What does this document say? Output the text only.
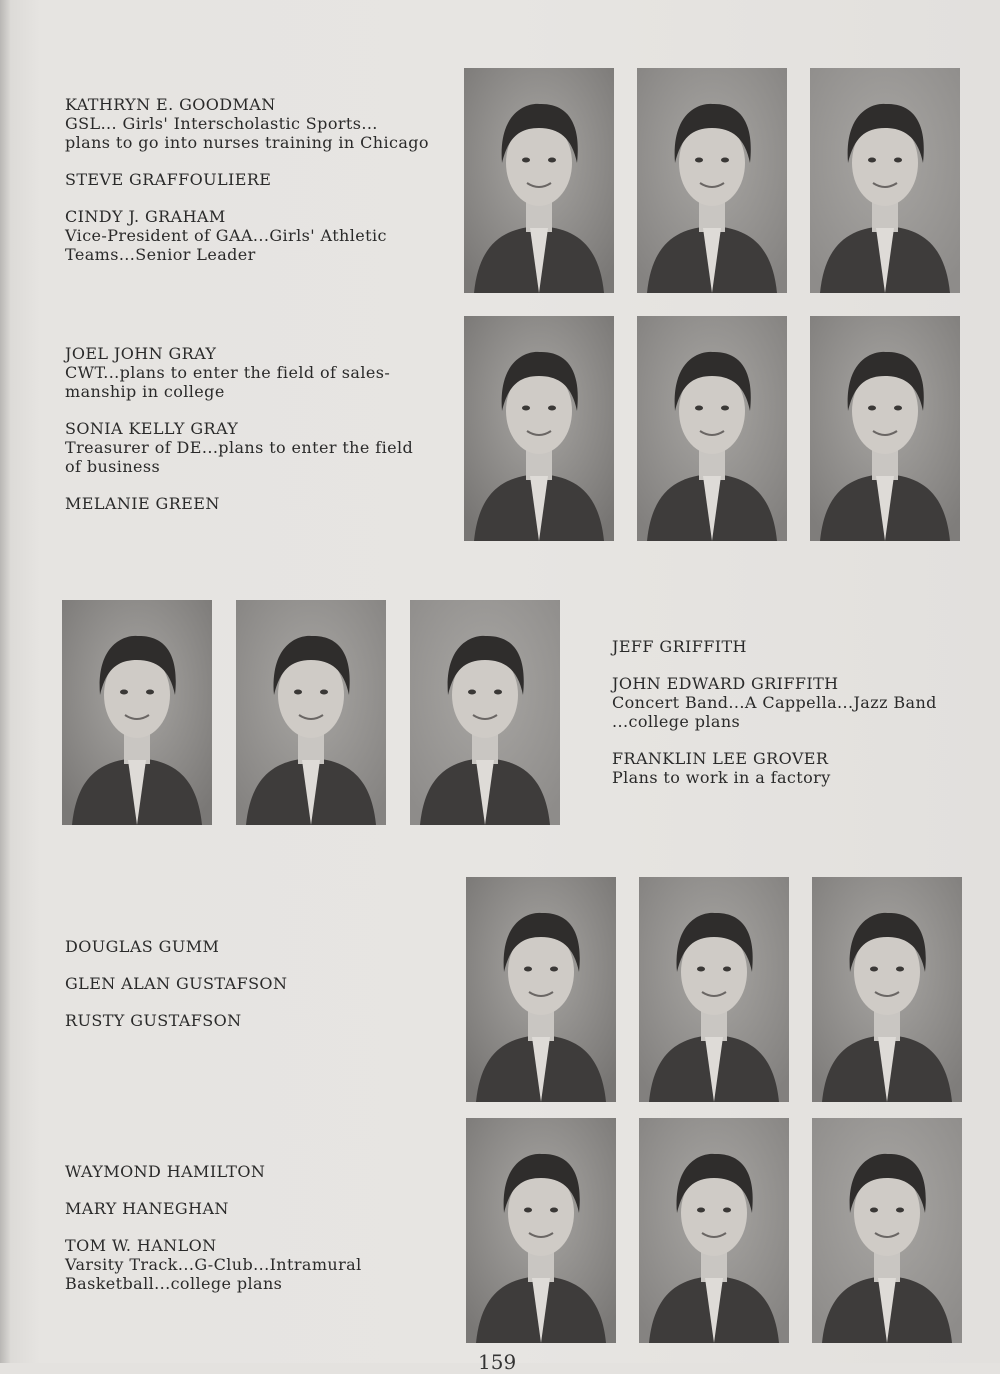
KATHRYN E. GOODMAN
GSL... Girls' Interscholastic Sports...
plans to go into nurses training in Chicago
STEVE GRAFFOULIERE
CINDY J. GRAHAM
Vice-President of GAA...Girls' Athletic
Teams...Senior Leader
JOEL JOHN GRAY
CWT...plans to enter the field of sales-
manship in college
SONIA KELLY GRAY
Treasurer of DE...plans to enter the field
of business
MELANIE GREEN
JEFF GRIFFITH
JOHN EDWARD GRIFFITH
Concert Band...A Cappella...Jazz Band
...college plans
FRANKLIN LEE GROVER
Plans to work in a factory
DOUGLAS GUMM
GLEN ALAN GUSTAFSON
RUSTY GUSTAFSON
WAYMOND HAMILTON
MARY HANEGHAN
TOM W. HANLON
Varsity Track...G-Club...Intramural
Basketball...college plans
159
